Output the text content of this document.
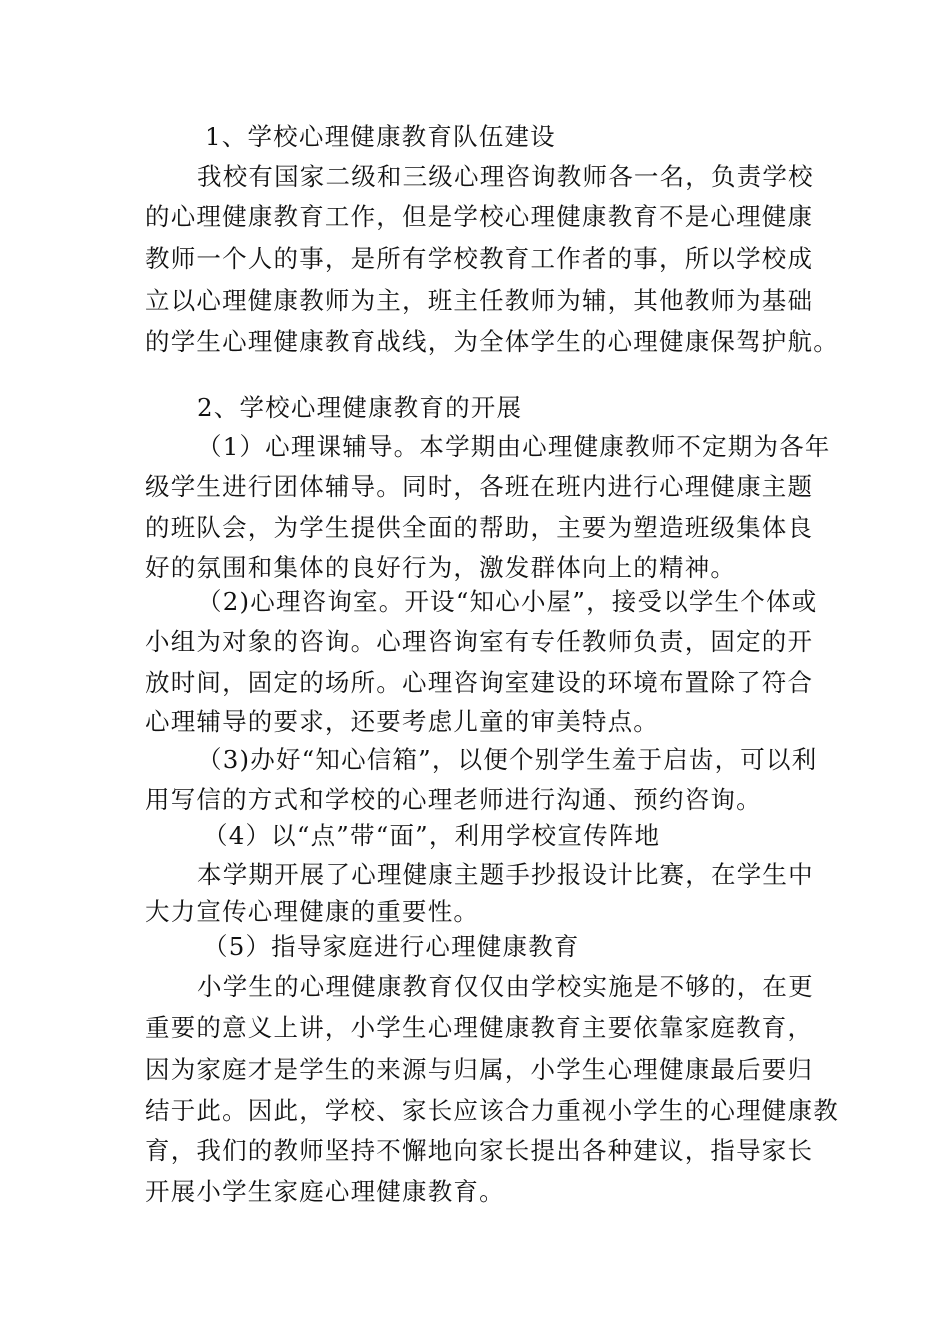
1、学校心理健康教育队伍建设
我校有国家二级和三级心理咨询教师各一名，负责学校
的心理健康教育工作，但是学校心理健康教育不是心理健康
教师一个人的事，是所有学校教育工作者的事，所以学校成
立以心理健康教师为主，班主任教师为辅，其他教师为基础
的学生心理健康教育战线，为全体学生的心理健康保驾护航。
2、学校心理健康教育的开展
（1）心理课辅导。本学期由心理健康教师不定期为各年
级学生进行团体辅导。同时，各班在班内进行心理健康主题
的班队会，为学生提供全面的帮助，主要为塑造班级集体良
好的氛围和集体的良好行为，激发群体向上的精神。
（2)心理咨询室。开设“知心小屋”，接受以学生个体或
小组为对象的咨询。心理咨询室有专任教师负责，固定的开
放时间，固定的场所。心理咨询室建设的环境布置除了符合
心理辅导的要求，还要考虑儿童的审美特点。
（3)办好“知心信箱”，以便个别学生羞于启齿，可以利
用写信的方式和学校的心理老师进行沟通、预约咨询。
（4）以“点”带“面”，利用学校宣传阵地
本学期开展了心理健康主题手抄报设计比赛，在学生中
大力宣传心理健康的重要性。
（5）指导家庭进行心理健康教育
小学生的心理健康教育仅仅由学校实施是不够的，在更
重要的意义上讲，小学生心理健康教育主要依靠家庭教育，
因为家庭才是学生的来源与归属，小学生心理健康最后要归
结于此。因此，学校、家长应该合力重视小学生的心理健康教
育，我们的教师坚持不懈地向家长提出各种建议，指导家长
开展小学生家庭心理健康教育。
